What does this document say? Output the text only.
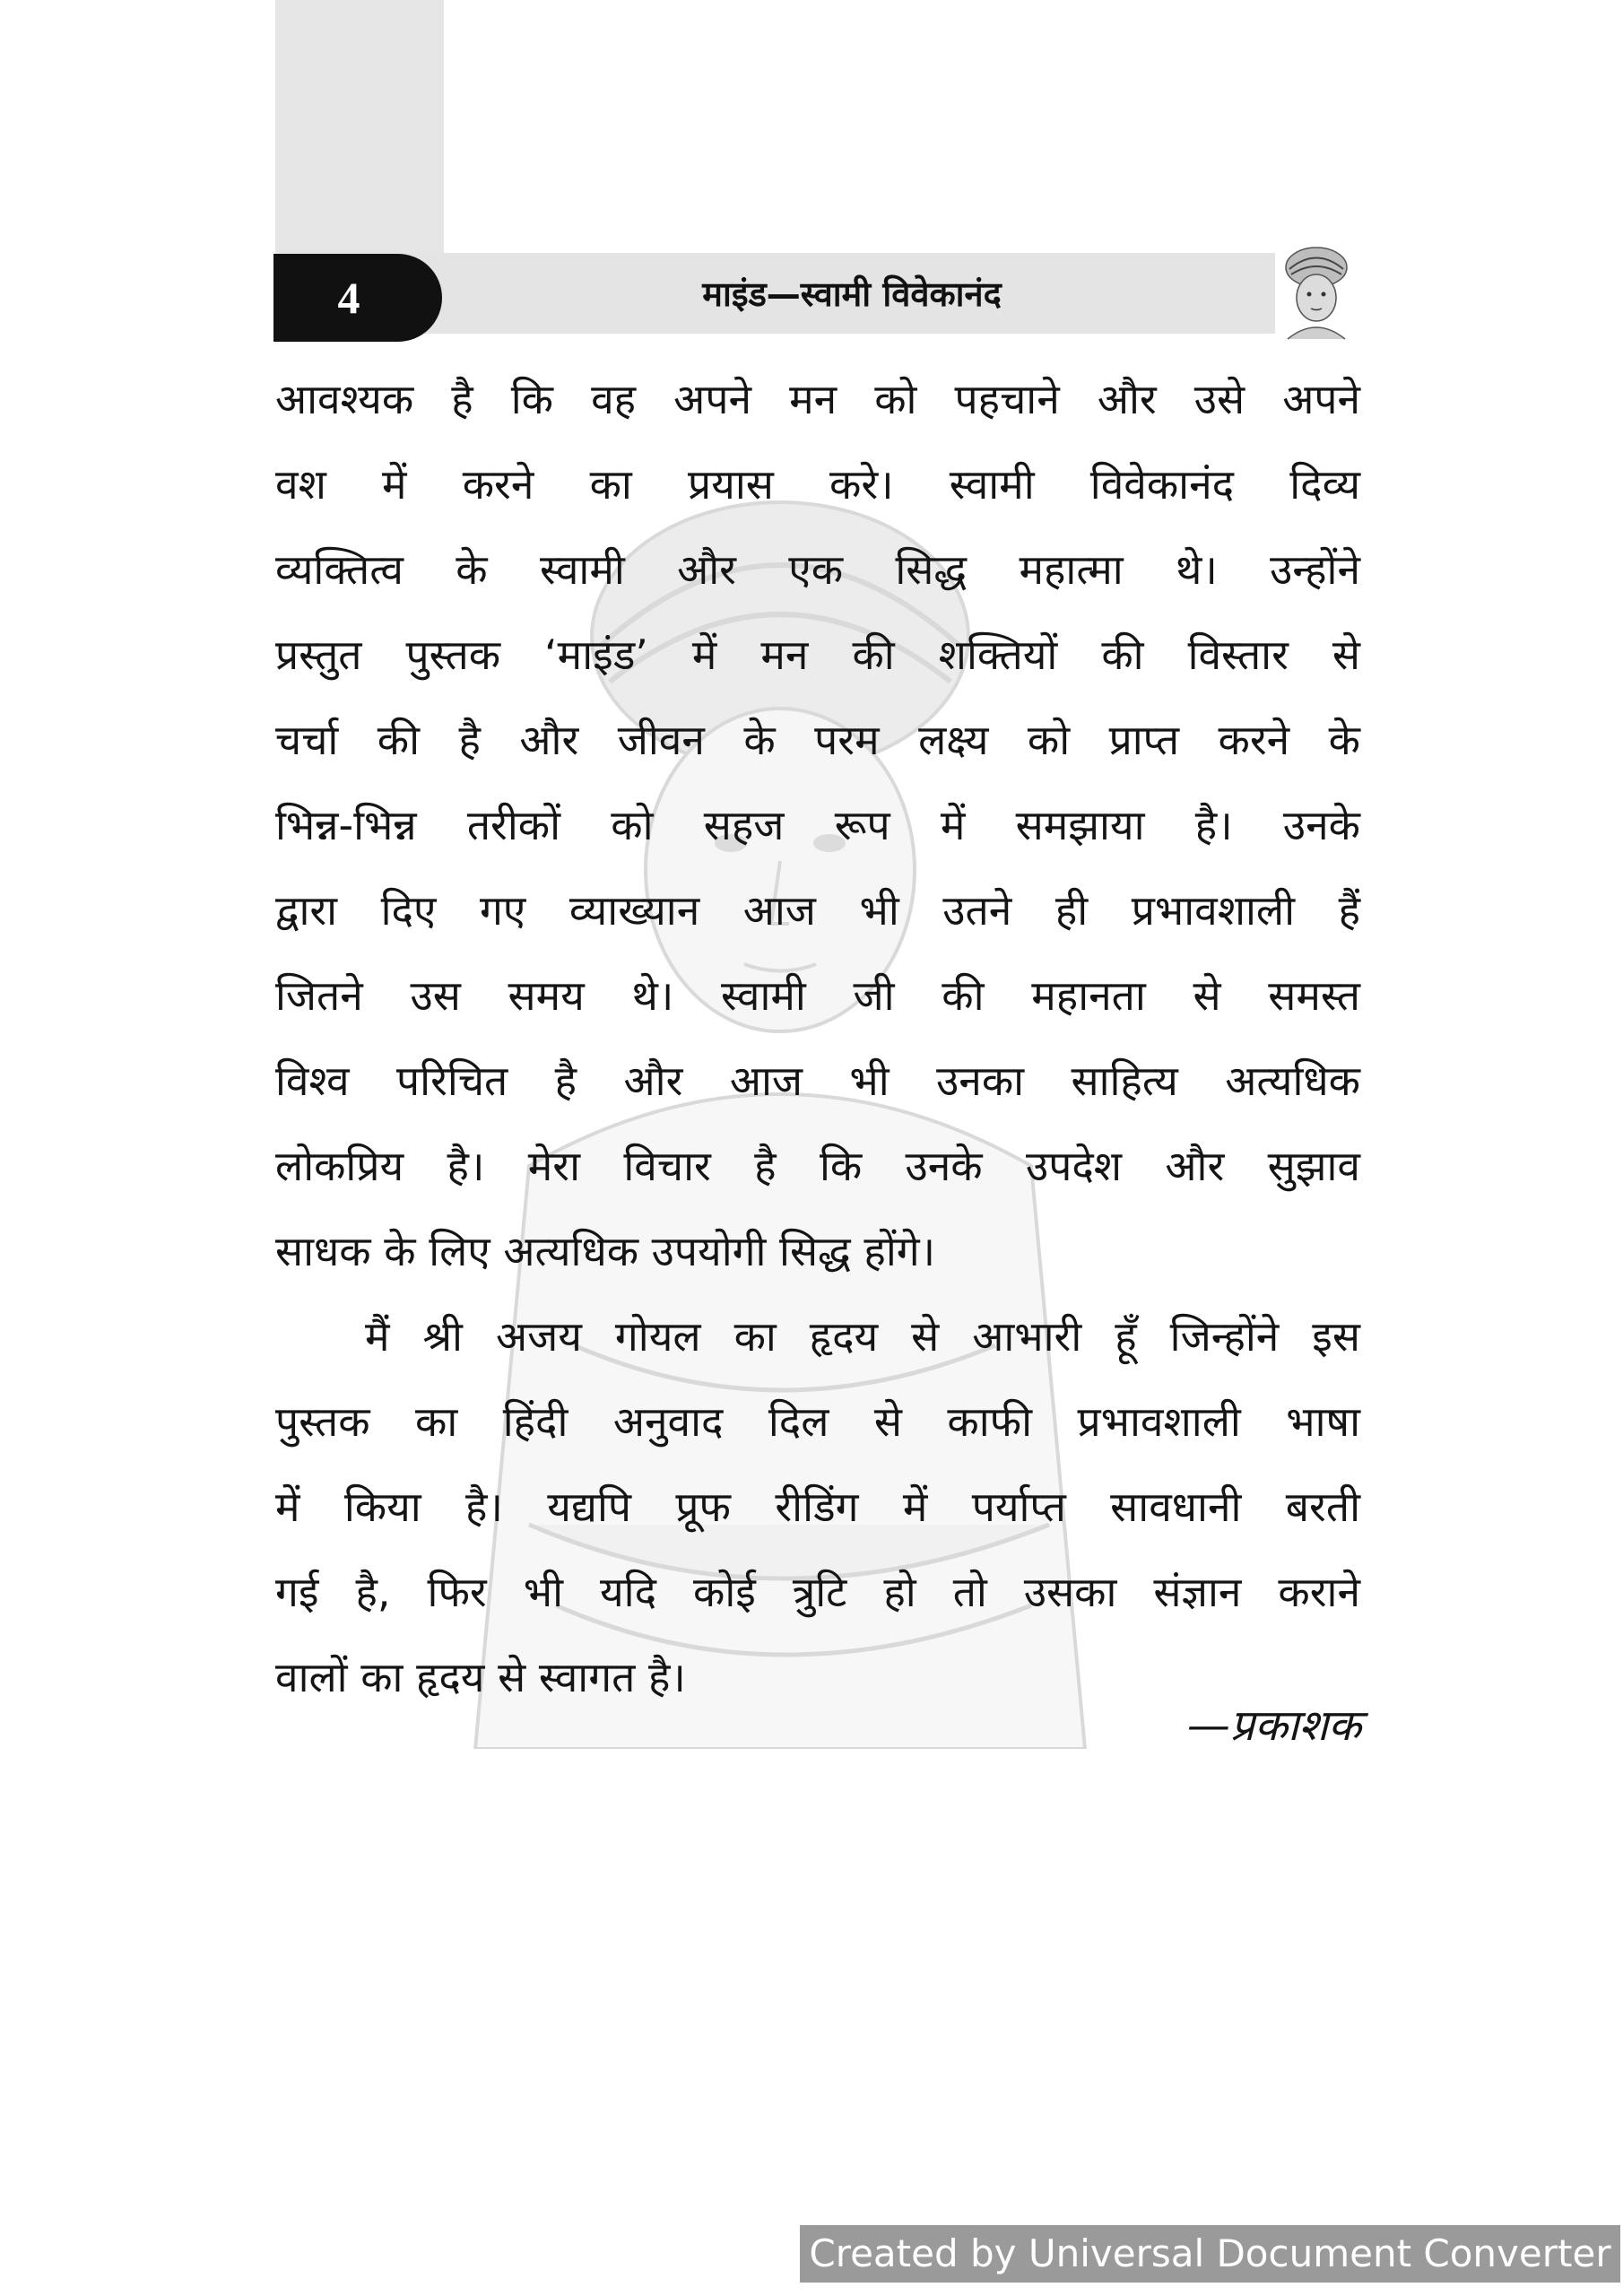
4	माइंड—स्वामी विवेकानंद
आवश्यक है कि वह अपने मन को पहचाने और उसे अपने
वश में करने का प्रयास करे। स्वामी विवेकानंद दिव्य
व्यक्तित्व के स्वामी और एक सिद्ध महात्मा थे। उन्होंने
प्रस्तुत पुस्तक ‘माइंड’ में मन की शक्तियों की विस्तार से
चर्चा की है और जीवन के परम लक्ष्य को प्राप्त करने के
भिन्न-भिन्न तरीकों को सहज रूप में समझाया है। उनके
द्वारा दिए गए व्याख्यान आज भी उतने ही प्रभावशाली हैं
जितने उस समय थे। स्वामी जी की महानता से समस्त
विश्व परिचित है और आज भी उनका साहित्य अत्यधिक
लोकप्रिय है। मेरा विचार है कि उनके उपदेश और सुझाव
साधक के लिए अत्यधिक उपयोगी सिद्ध होंगे।
मैं श्री अजय गोयल का हृदय से आभारी हूँ जिन्होंने इस
पुस्तक का हिंदी अनुवाद दिल से काफी प्रभावशाली भाषा
में किया है। यद्यपि प्रूफ रीडिंग में पर्याप्त सावधानी बरती
गई है, फिर भी यदि कोई त्रुटि हो तो उसका संज्ञान कराने
वालों का हृदय से स्वागत है।
—प्रकाशक
Created by Universal Document Converter
